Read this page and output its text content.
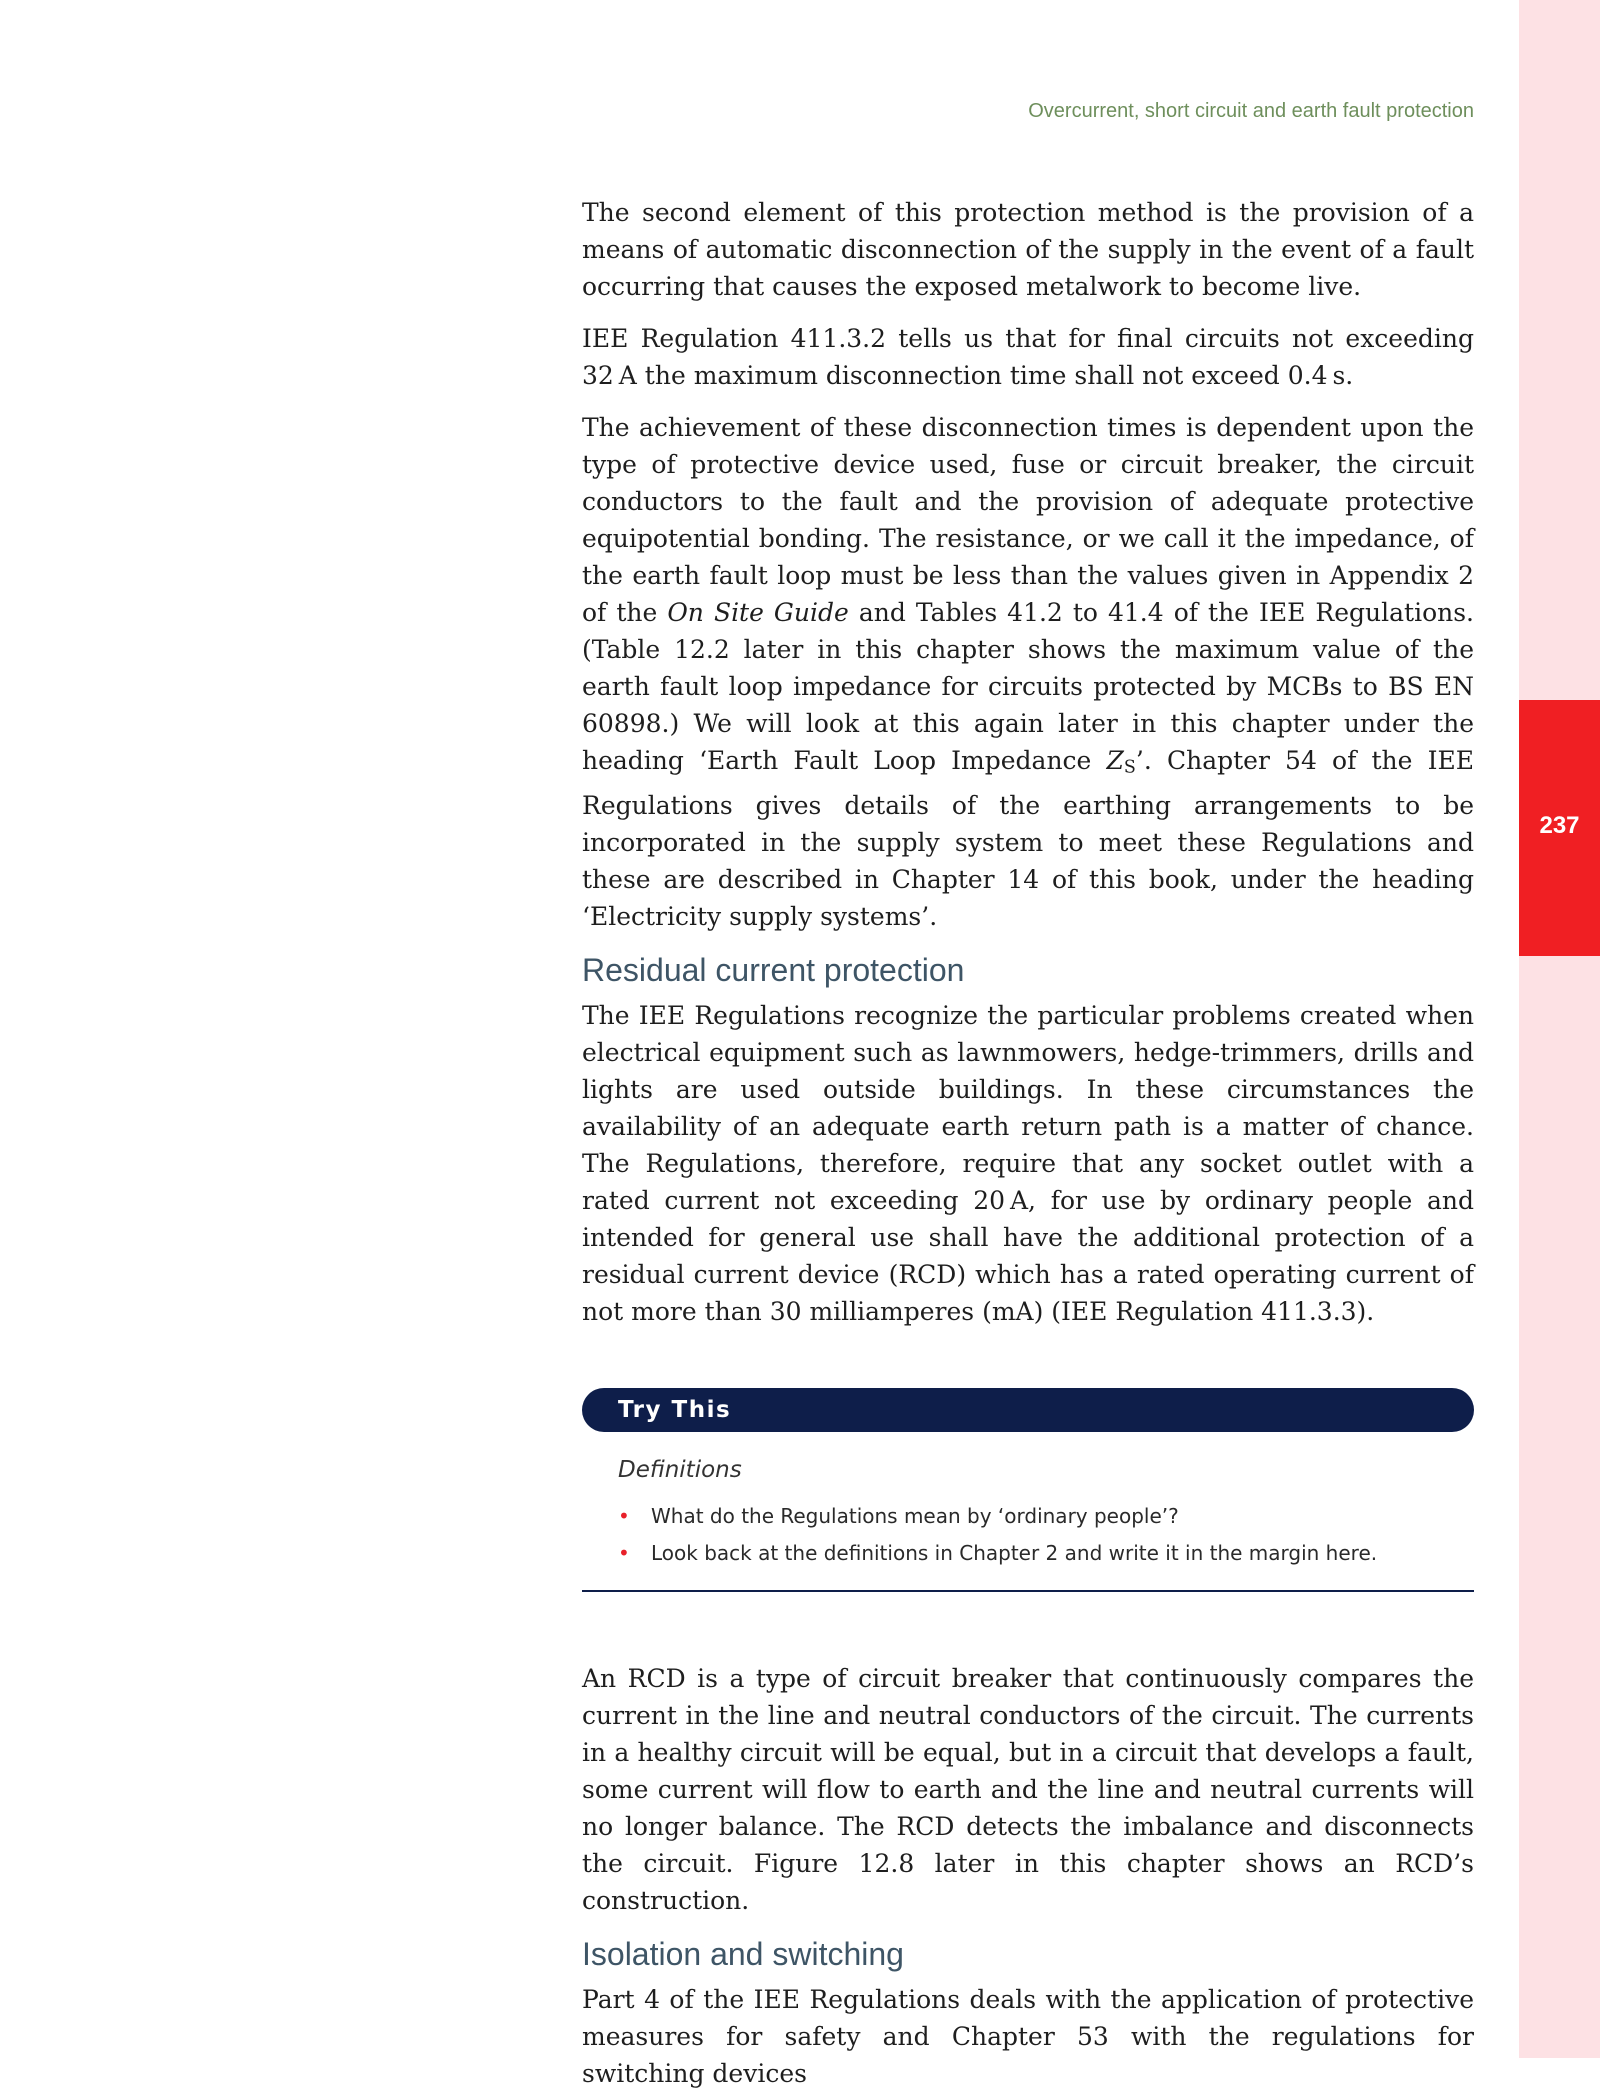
237

Overcurrent, short circuit and earth fault protection

The second element of this protection method is the provision of a means of automatic disconnection of the supply in the event of a fault occurring that causes the exposed metalwork to become live.

IEE Regulation 411.3.2 tells us that for final circuits not exceeding 32 A the maximum disconnection time shall not exceed 0.4 s.

The achievement of these disconnection times is dependent upon the type of protective device used, fuse or circuit breaker, the circuit conductors to the fault and the provision of adequate protective equipotential bonding. The resistance, or we call it the impedance, of the earth fault loop must be less than the values given in Appendix 2 of the On Site Guide and Tables 41.2 to 41.4 of the IEE Regulations. (Table 12.2 later in this chapter shows the maximum value of the earth fault loop impedance for circuits protected by MCBs to BS EN 60898.) We will look at this again later in this chapter under the heading ‘Earth Fault Loop Impedance $Z_S$’. Chapter 54 of the IEE Regulations gives details of the earthing arrangements to be incorporated in the supply system to meet these Regulations and these are described in Chapter 14 of this book, under the heading ‘Electricity supply systems’.

Residual current protection

The IEE Regulations recognize the particular problems created when electrical equipment such as lawnmowers, hedge-trimmers, drills and lights are used outside buildings. In these circumstances the availability of an adequate earth return path is a matter of chance. The Regulations, therefore, require that any socket outlet with a rated current not exceeding 20 A, for use by ordinary people and intended for general use shall have the additional protection of a residual current device (RCD) which has a rated operating current of not more than 30 milliamperes (mA) (IEE Regulation 411.3.3).

Try This
Definitions
• What do the Regulations mean by ‘ordinary people’?
• Look back at the definitions in Chapter 2 and write it in the margin here.

An RCD is a type of circuit breaker that continuously compares the current in the line and neutral conductors of the circuit. The currents in a healthy circuit will be equal, but in a circuit that develops a fault, some current will flow to earth and the line and neutral currents will no longer balance. The RCD detects the imbalance and disconnects the circuit. Figure 12.8 later in this chapter shows an RCD’s construction.

Isolation and switching

Part 4 of the IEE Regulations deals with the application of protective measures for safety and Chapter 53 with the regulations for switching devices
